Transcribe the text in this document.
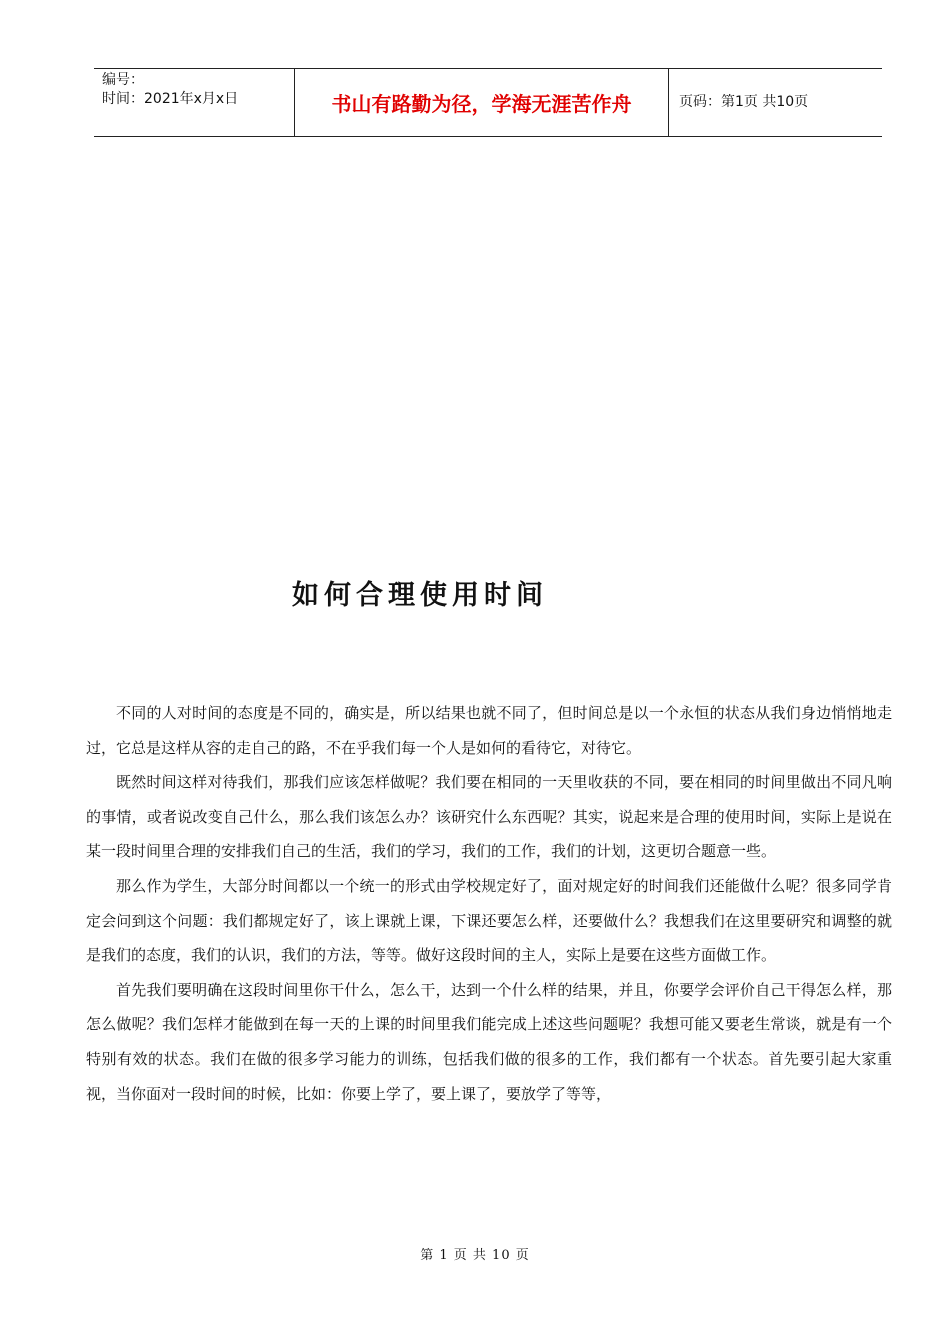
编号：
时间：2021年x月x日	书山有路勤为径，学海无涯苦作舟	页码：第1页 共10页
如何合理使用时间

不同的人对时间的态度是不同的，确实是，所以结果也就不同了，但时间总是以一个永恒的状态从我们身边悄悄地走过，它总是这样从容的走自己的路，不在乎我们每一个人是如何的看待它，对待它。

既然时间这样对待我们，那我们应该怎样做呢？我们要在相同的一天里收获的不同，要在相同的时间里做出不同凡响的事情，或者说改变自己什么，那么我们该怎么办？该研究什么东西呢？其实，说起来是合理的使用时间，实际上是说在某一段时间里合理的安排我们自己的生活，我们的学习，我们的工作，我们的计划，这更切合题意一些。

那么作为学生，大部分时间都以一个统一的形式由学校规定好了，面对规定好的时间我们还能做什么呢？很多同学肯定会问到这个问题：我们都规定好了，该上课就上课，下课还要怎么样，还要做什么？我想我们在这里要研究和调整的就是我们的态度，我们的认识，我们的方法，等等。做好这段时间的主人，实际上是要在这些方面做工作。

首先我们要明确在这段时间里你干什么，怎么干，达到一个什么样的结果，并且，你要学会评价自己干得怎么样，那怎么做呢？我们怎样才能做到在每一天的上课的时间里我们能完成上述这些问题呢？我想可能又要老生常谈，就是有一个特别有效的状态。我们在做的很多学习能力的训练，包括我们做的很多的工作，我们都有一个状态。首先要引起大家重视，当你面对一段时间的时候，比如：你要上学了，要上课了，要放学了等等，

第 1 页 共 10 页
